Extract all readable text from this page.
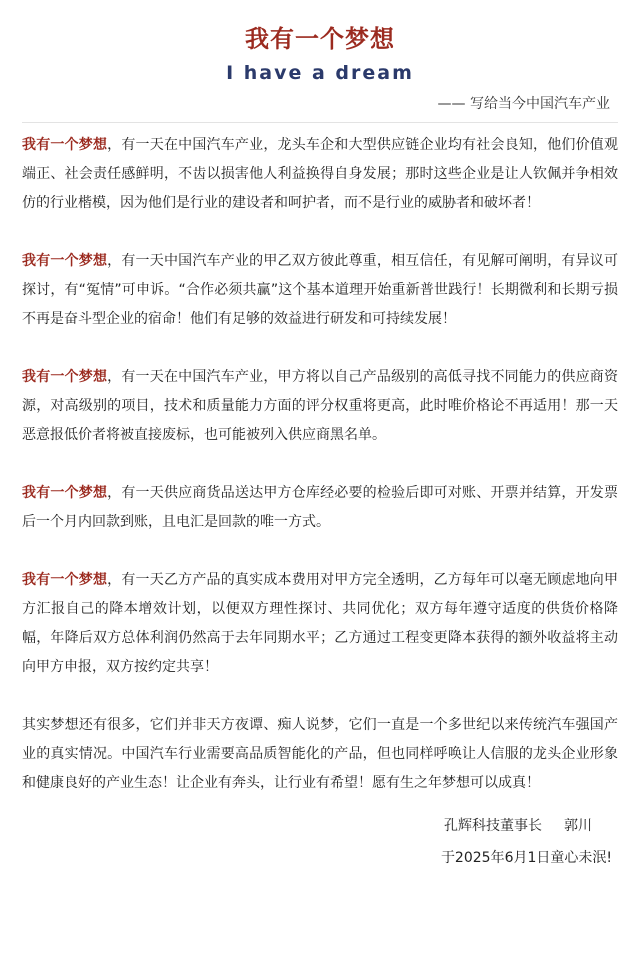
我有一个梦想
I have a dream
—— 写给当今中国汽车产业

我有一个梦想，有一天在中国汽车产业，龙头车企和大型供应链企业均有社会良知，他们价值观端正、社会责任感鲜明，不齿以损害他人利益换得自身发展；那时这些企业是让人钦佩并争相效仿的行业楷模，因为他们是行业的建设者和呵护者，而不是行业的威胁者和破坏者！

我有一个梦想，有一天中国汽车产业的甲乙双方彼此尊重，相互信任，有见解可阐明，有异议可探讨，有“冤情”可申诉。“合作必须共赢”这个基本道理开始重新普世践行！长期微利和长期亏损不再是奋斗型企业的宿命！他们有足够的效益进行研发和可持续发展！

我有一个梦想，有一天在中国汽车产业，甲方将以自己产品级别的高低寻找不同能力的供应商资源，对高级别的项目，技术和质量能力方面的评分权重将更高，此时唯价格论不再适用！那一天恶意报低价者将被直接废标，也可能被列入供应商黑名单。

我有一个梦想，有一天供应商货品送达甲方仓库经必要的检验后即可对账、开票并结算，开发票后一个月内回款到账，且电汇是回款的唯一方式。

我有一个梦想，有一天乙方产品的真实成本费用对甲方完全透明，乙方每年可以毫无顾虑地向甲方汇报自己的降本增效计划，以便双方理性探讨、共同优化；双方每年遵守适度的供货价格降幅，年降后双方总体利润仍然高于去年同期水平；乙方通过工程变更降本获得的额外收益将主动向甲方申报，双方按约定共享！

其实梦想还有很多，它们并非天方夜谭、痴人说梦，它们一直是一个多世纪以来传统汽车强国产业的真实情况。中国汽车行业需要高品质智能化的产品，但也同样呼唤让人信服的龙头企业形象和健康良好的产业生态！让企业有奔头，让行业有希望！愿有生之年梦想可以成真！

孔辉科技董事长 郭川
于2025年6月1日童心未泯!
